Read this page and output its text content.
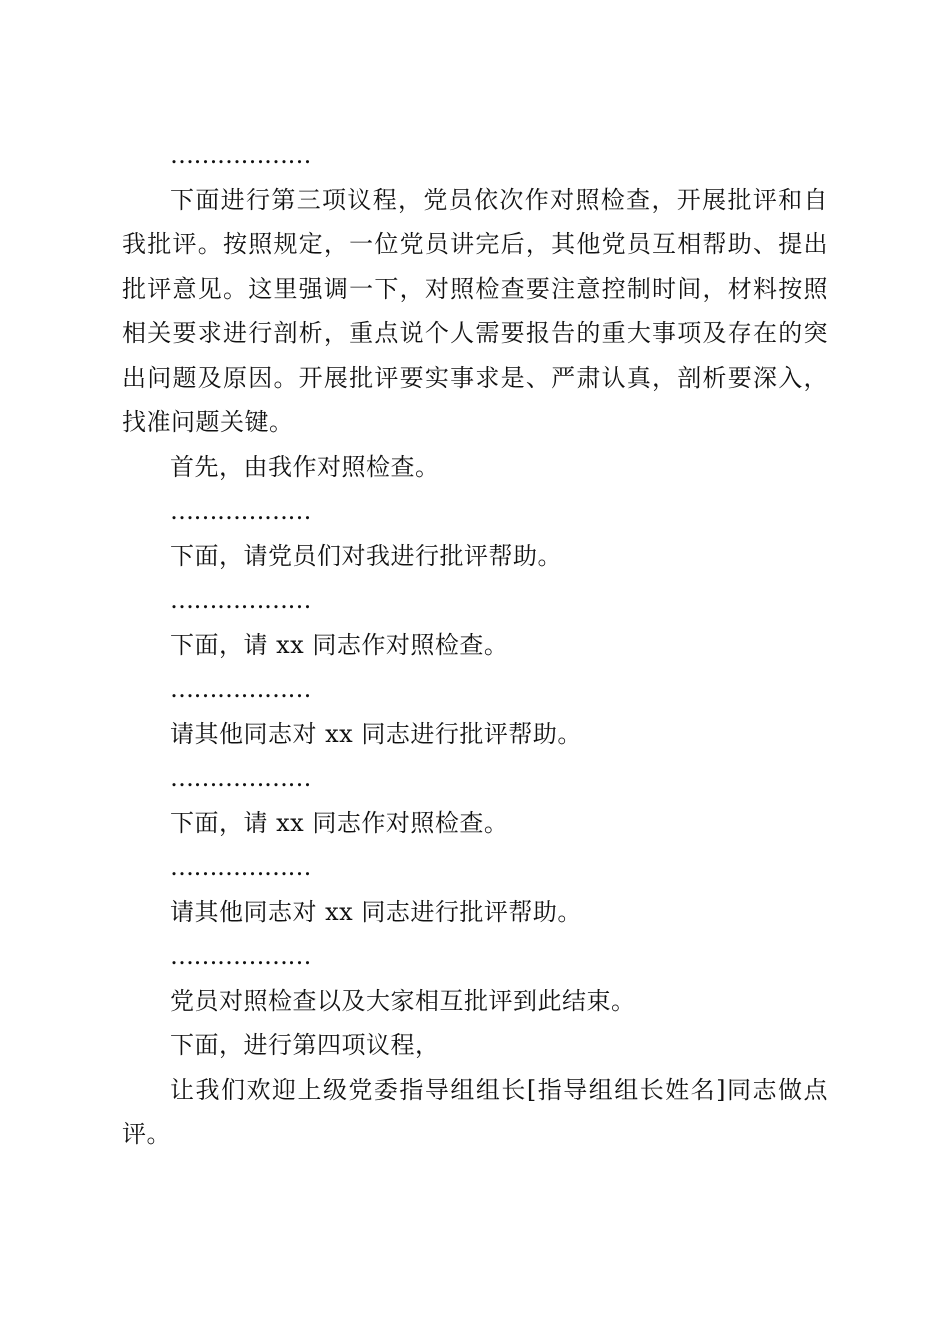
………………

下面进行第三项议程，党员依次作对照检查，开展批评和自我批评。按照规定，一位党员讲完后，其他党员互相帮助、提出批评意见。这里强调一下，对照检查要注意控制时间，材料按照相关要求进行剖析，重点说个人需要报告的重大事项及存在的突出问题及原因。开展批评要实事求是、严肃认真，剖析要深入，找准问题关键。

首先，由我作对照检查。

………………

下面，请党员们对我进行批评帮助。

………………

下面，请 xx 同志作对照检查。

………………

请其他同志对 xx 同志进行批评帮助。

………………

下面，请 xx 同志作对照检查。

………………

请其他同志对 xx 同志进行批评帮助。

………………

党员对照检查以及大家相互批评到此结束。

下面，进行第四项议程，

让我们欢迎上级党委指导组组长[指导组组长姓名]同志做点评。
